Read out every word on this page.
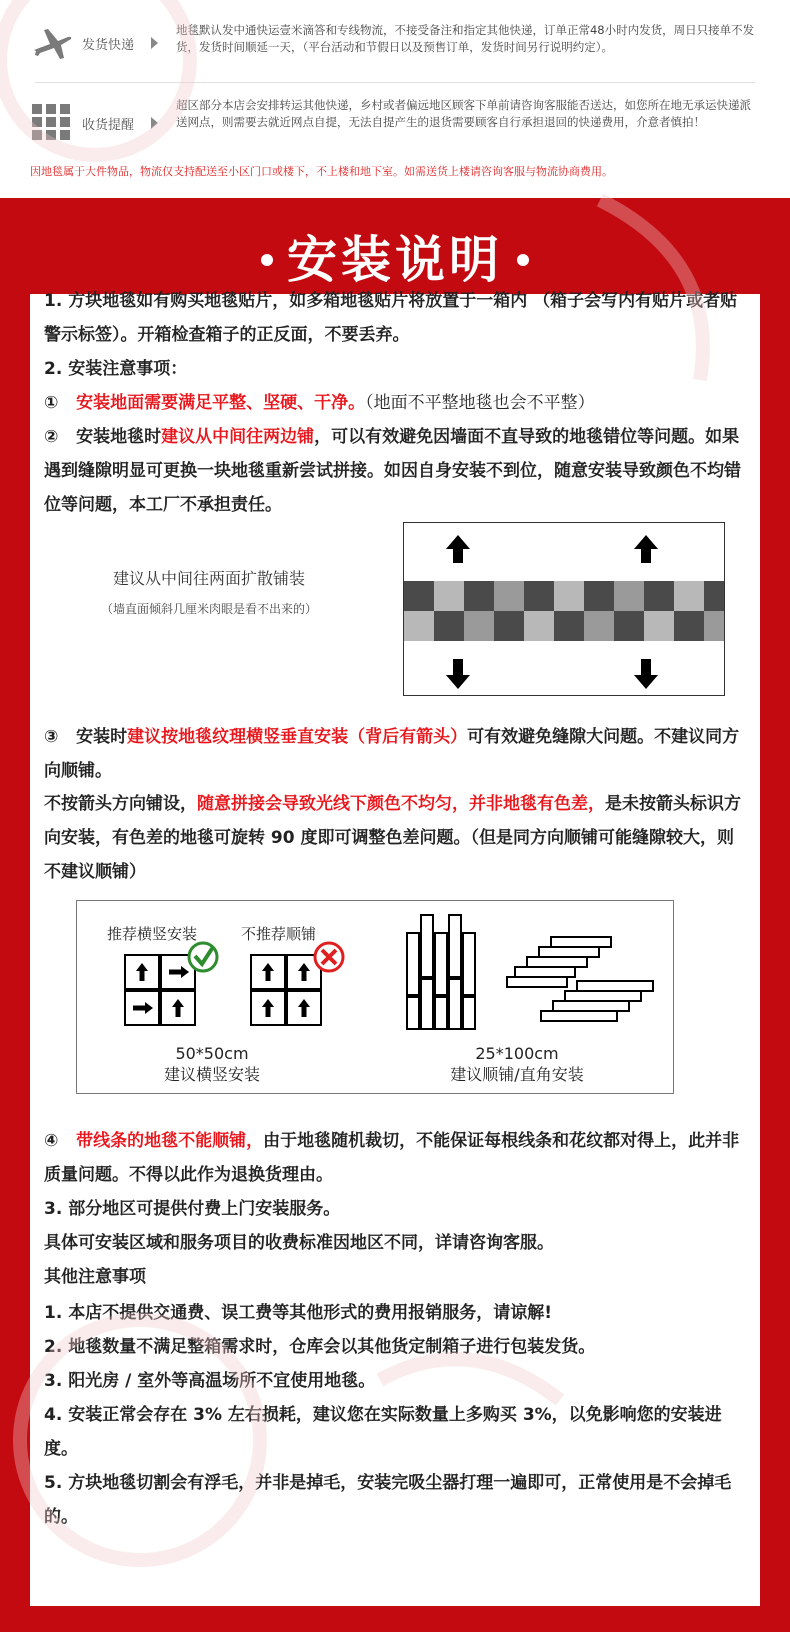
发货快递
地毯默认发中通快运壹米滴答和专线物流，不接受备注和指定其他快递，订单正常48小时内发货，周日只接单不发货，发货时间顺延一天，（平台活动和节假日以及预售订单，发货时间另行说明约定）。
收货提醒
超区部分本店会安排转运其他快递，乡村或者偏远地区顾客下单前请咨询客服能否送达，如您所在地无承运快递派送网点，则需要去就近网点自提，无法自提产生的退货需要顾客自行承担退回的快递费用，介意者慎拍！
因地毯属于大件物品，物流仅支持配送至小区门口或楼下，不上楼和地下室。如需送货上楼请咨询客服与物流协商费用。
安装说明
1. 方块地毯如有购买地毯贴片，如多箱地毯贴片将放置于一箱内 （箱子会写内有贴片或者贴警示标签）。开箱检查箱子的正反面，不要丢弃。
2. 安装注意事项：
① 安装地面需要满足平整、坚硬、干净。（地面不平整地毯也会不平整）
② 安装地毯时建议从中间往两边铺，可以有效避免因墙面不直导致的地毯错位等问题。如果遇到缝隙明显可更换一块地毯重新尝试拼接。如因自身安装不到位，随意安装导致颜色不均错位等问题，本工厂不承担责任。
建议从中间往两面扩散铺装
（墙直面倾斜几厘米肉眼是看不出来的）
③ 安装时建议按地毯纹理横竖垂直安装（背后有箭头）可有效避免缝隙大问题。不建议同方向顺铺。
不按箭头方向铺设，随意拼接会导致光线下颜色不均匀，并非地毯有色差，是未按箭头标识方向安装，有色差的地毯可旋转 90 度即可调整色差问题。（但是同方向顺铺可能缝隙较大，则不建议顺铺）
推荐横竖安装	不推荐顺铺
50*50cm
建议横竖安装
25*100cm
建议顺铺/直角安装
④ 带线条的地毯不能顺铺，由于地毯随机裁切，不能保证每根线条和花纹都对得上，此并非质量问题。不得以此作为退换货理由。
3. 部分地区可提供付费上门安装服务。
具体可安装区域和服务项目的收费标准因地区不同，详请咨询客服。
其他注意事项
1. 本店不提供交通费、误工费等其他形式的费用报销服务，请谅解!
2. 地毯数量不满足整箱需求时，仓库会以其他货定制箱子进行包装发货。
3. 阳光房 / 室外等高温场所不宜使用地毯。
4. 安装正常会存在 3% 左右损耗，建议您在实际数量上多购买 3%，以免影响您的安装进度。
5. 方块地毯切割会有浮毛，并非是掉毛，安装完吸尘器打理一遍即可，正常使用是不会掉毛的。
